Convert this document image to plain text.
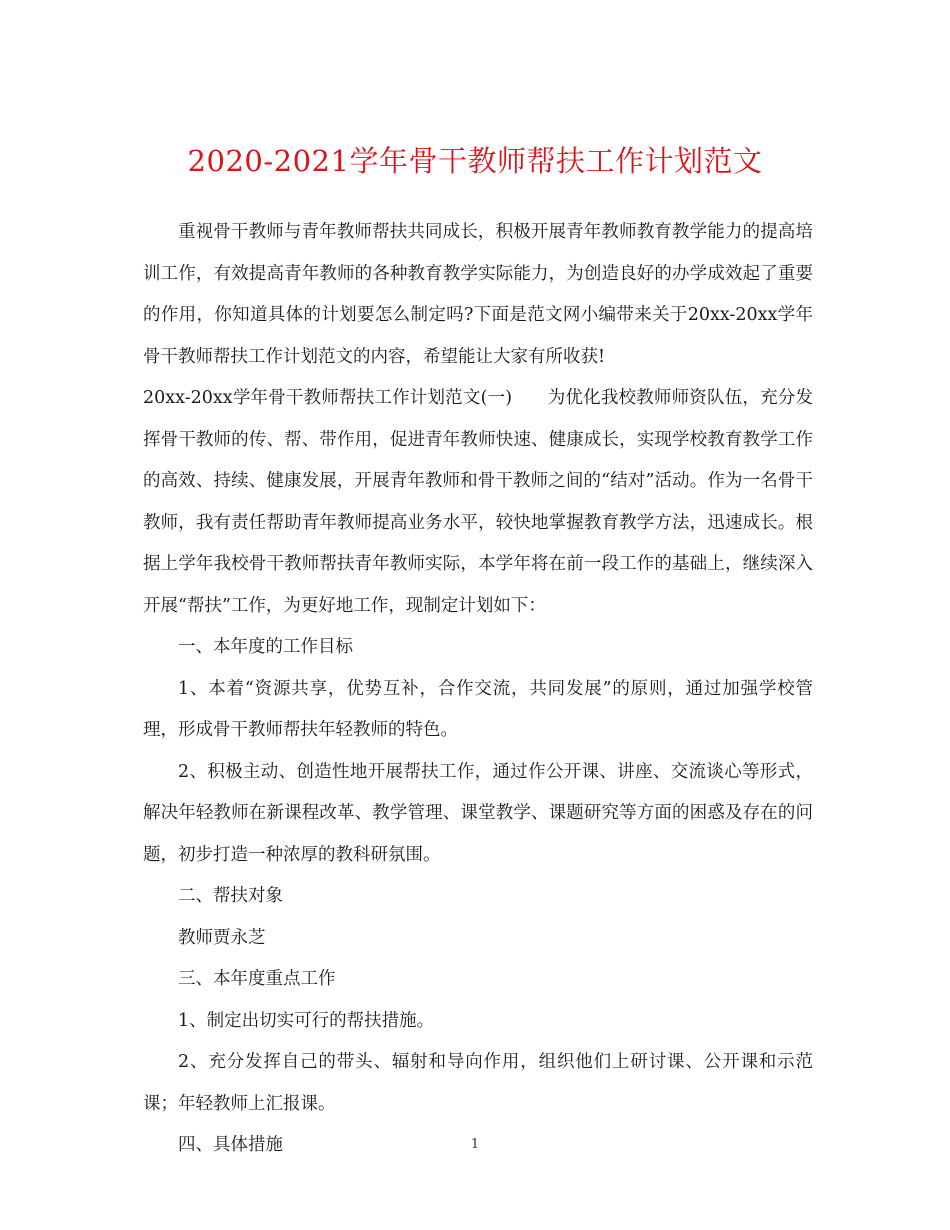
2020-2021学年骨干教师帮扶工作计划范文

重视骨干教师与青年教师帮扶共同成长，积极开展青年教师教育教学能力的提高培训工作，有效提高青年教师的各种教育教学实际能力，为创造良好的办学成效起了重要的作用，你知道具体的计划要怎么制定吗?下面是范文网小编带来关于20xx-20xx学年骨干教师帮扶工作计划范文的内容，希望能让大家有所收获!

20xx-20xx学年骨干教师帮扶工作计划范文(一)　　为优化我校教师师资队伍，充分发挥骨干教师的传、帮、带作用，促进青年教师快速、健康成长，实现学校教育教学工作的高效、持续、健康发展，开展青年教师和骨干教师之间的“结对”活动。作为一名骨干教师，我有责任帮助青年教师提高业务水平，较快地掌握教育教学方法，迅速成长。根据上学年我校骨干教师帮扶青年教师实际，本学年将在前一段工作的基础上，继续深入开展“帮扶”工作，为更好地工作，现制定计划如下：

一、本年度的工作目标

1、本着“资源共享，优势互补，合作交流，共同发展”的原则，通过加强学校管理，形成骨干教师帮扶年轻教师的特色。

2、积极主动、创造性地开展帮扶工作，通过作公开课、讲座、交流谈心等形式，解决年轻教师在新课程改革、教学管理、课堂教学、课题研究等方面的困惑及存在的问题，初步打造一种浓厚的教科研氛围。

二、帮扶对象

教师贾永芝

三、本年度重点工作

1、制定出切实可行的帮扶措施。

2、充分发挥自己的带头、辐射和导向作用，组织他们上研讨课、公开课和示范课；年轻教师上汇报课。

四、具体措施	1
